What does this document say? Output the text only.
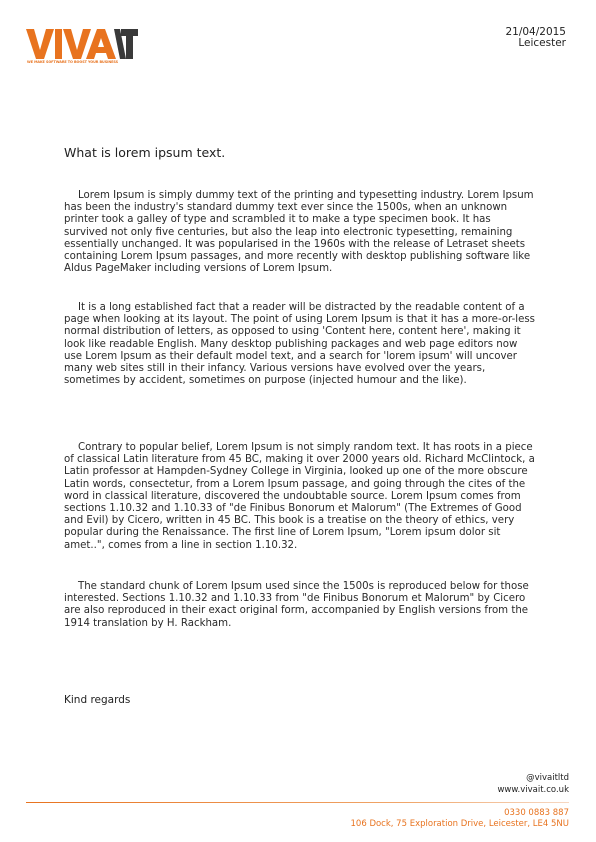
WE MAKE SOFTWARE TO BOOST YOUR BUSINESS
21/04/2015
Leicester
What is lorem ipsum text.

Lorem Ipsum is simply dummy text of the printing and typesetting industry. Lorem Ipsum has been the industry's standard dummy text ever since the 1500s, when an unknown printer took a galley of type and scrambled it to make a type specimen book. It has survived not only five centuries, but also the leap into electronic typesetting, remaining essentially unchanged. It was popularised in the 1960s with the release of Letraset sheets containing Lorem Ipsum passages, and more recently with desktop publishing software like Aldus PageMaker including versions of Lorem Ipsum.

It is a long established fact that a reader will be distracted by the readable content of a page when looking at its layout. The point of using Lorem Ipsum is that it has a more-or-less normal distribution of letters, as opposed to using 'Content here, content here', making it look like readable English. Many desktop publishing packages and web page editors now use Lorem Ipsum as their default model text, and a search for 'lorem ipsum' will uncover many web sites still in their infancy. Various versions have evolved over the years, sometimes by accident, sometimes on purpose (injected humour and the like).

Contrary to popular belief, Lorem Ipsum is not simply random text. It has roots in a piece of classical Latin literature from 45 BC, making it over 2000 years old. Richard McClintock, a Latin professor at Hampden-Sydney College in Virginia, looked up one of the more obscure Latin words, consectetur, from a Lorem Ipsum passage, and going through the cites of the word in classical literature, discovered the undoubtable source. Lorem Ipsum comes from sections 1.10.32 and 1.10.33 of "de Finibus Bonorum et Malorum" (The Extremes of Good and Evil) by Cicero, written in 45 BC. This book is a treatise on the theory of ethics, very popular during the Renaissance. The first line of Lorem Ipsum, "Lorem ipsum dolor sit amet..", comes from a line in section 1.10.32.

The standard chunk of Lorem Ipsum used since the 1500s is reproduced below for those interested. Sections 1.10.32 and 1.10.33 from "de Finibus Bonorum et Malorum" by Cicero are also reproduced in their exact original form, accompanied by English versions from the 1914 translation by H. Rackham.

Kind regards

@vivaitltd
www.vivait.co.uk
0330 0883 887
106 Dock, 75 Exploration Drive, Leicester, LE4 5NU
